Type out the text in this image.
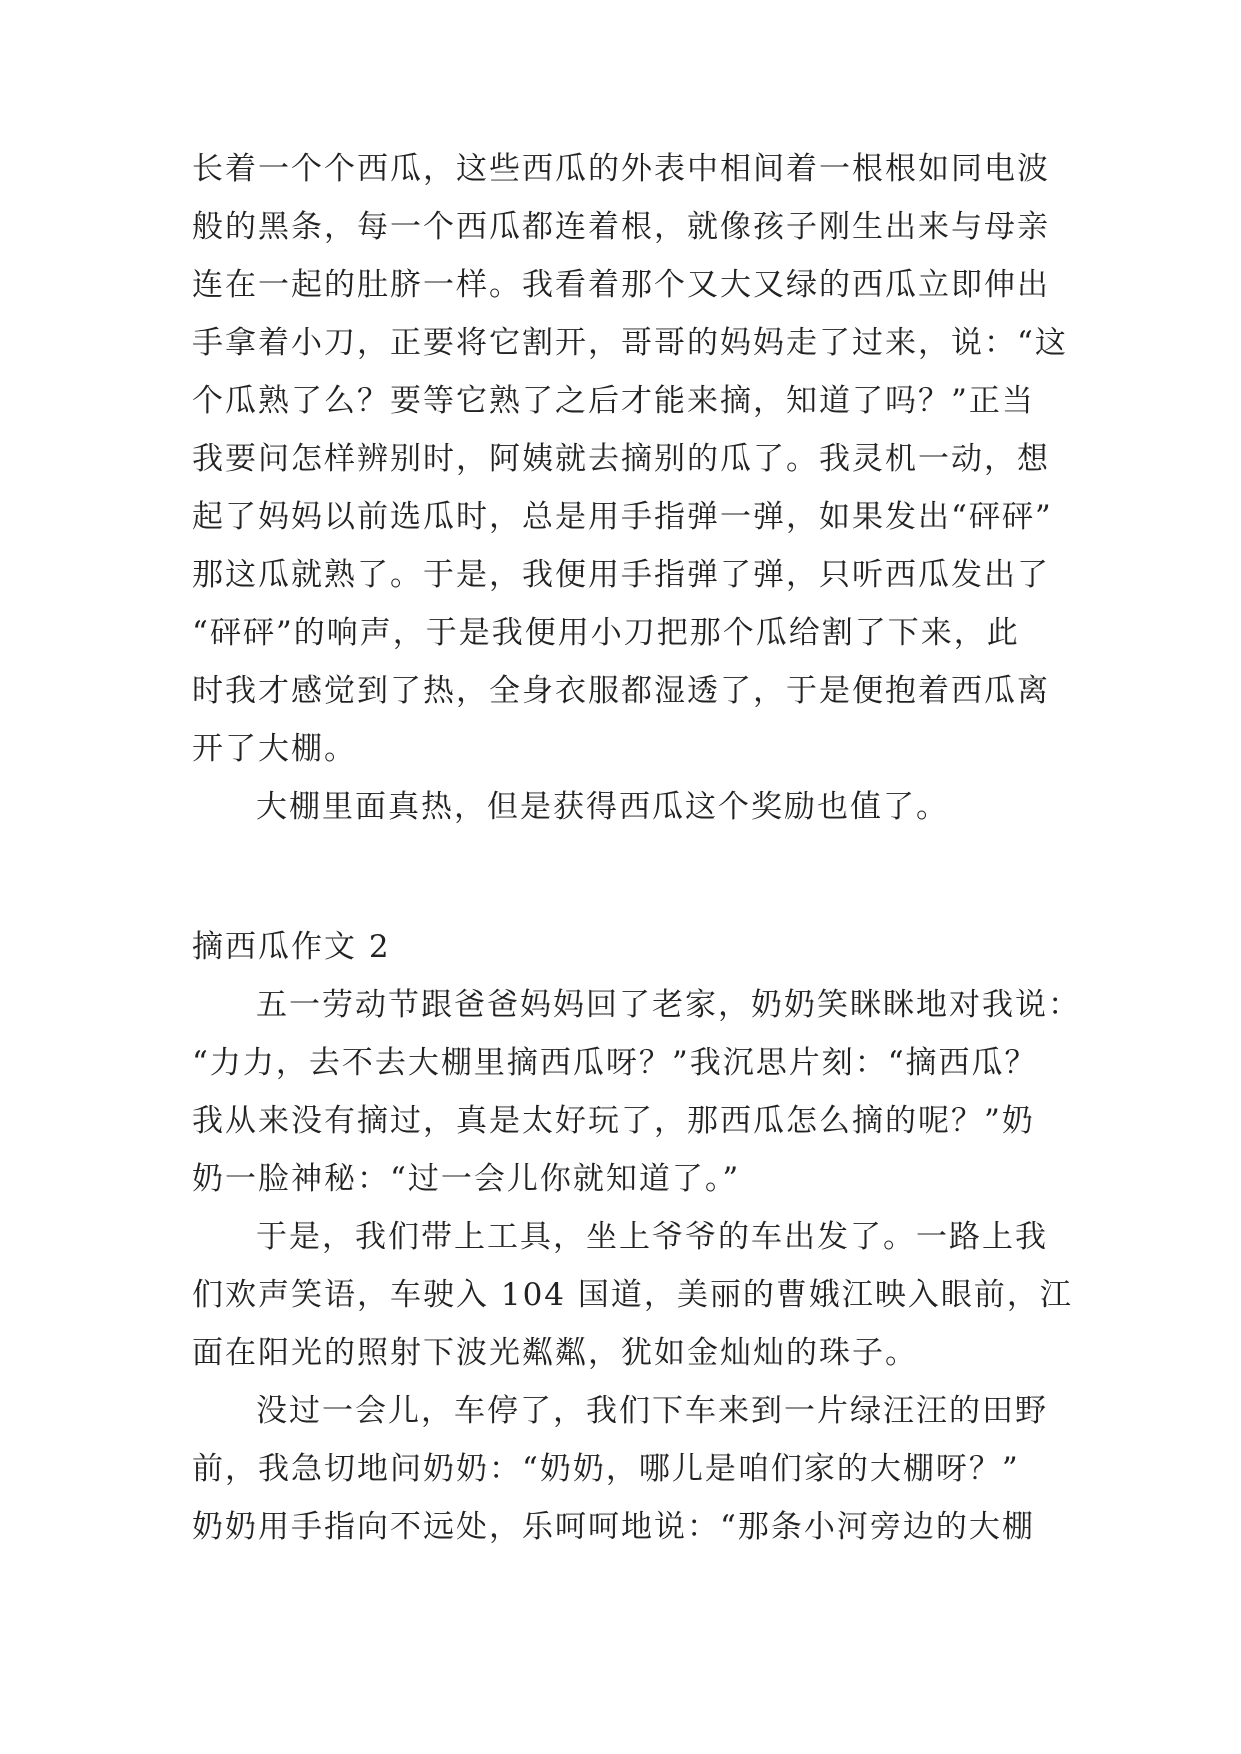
长着一个个西瓜，这些西瓜的外表中相间着一根根如同电波
般的黑条，每一个西瓜都连着根，就像孩子刚生出来与母亲
连在一起的肚脐一样。我看着那个又大又绿的西瓜立即伸出
手拿着小刀，正要将它割开，哥哥的妈妈走了过来，说：“这
个瓜熟了么？要等它熟了之后才能来摘，知道了吗？”正当
我要问怎样辨别时，阿姨就去摘别的瓜了。我灵机一动，想
起了妈妈以前选瓜时，总是用手指弹一弹，如果发出“砰砰”
那这瓜就熟了。于是，我便用手指弹了弹，只听西瓜发出了
“砰砰”的响声，于是我便用小刀把那个瓜给割了下来，此
时我才感觉到了热，全身衣服都湿透了，于是便抱着西瓜离
开了大棚。
大棚里面真热，但是获得西瓜这个奖励也值了。
摘西瓜作文 2
五一劳动节跟爸爸妈妈回了老家，奶奶笑眯眯地对我说：
“力力，去不去大棚里摘西瓜呀？”我沉思片刻：“摘西瓜？
我从来没有摘过，真是太好玩了，那西瓜怎么摘的呢？”奶
奶一脸神秘：“过一会儿你就知道了。”
于是，我们带上工具，坐上爷爷的车出发了。一路上我
们欢声笑语，车驶入 104 国道，美丽的曹娥江映入眼前，江
面在阳光的照射下波光粼粼，犹如金灿灿的珠子。
没过一会儿，车停了，我们下车来到一片绿汪汪的田野
前，我急切地问奶奶：“奶奶，哪儿是咱们家的大棚呀？”
奶奶用手指向不远处，乐呵呵地说：“那条小河旁边的大棚
